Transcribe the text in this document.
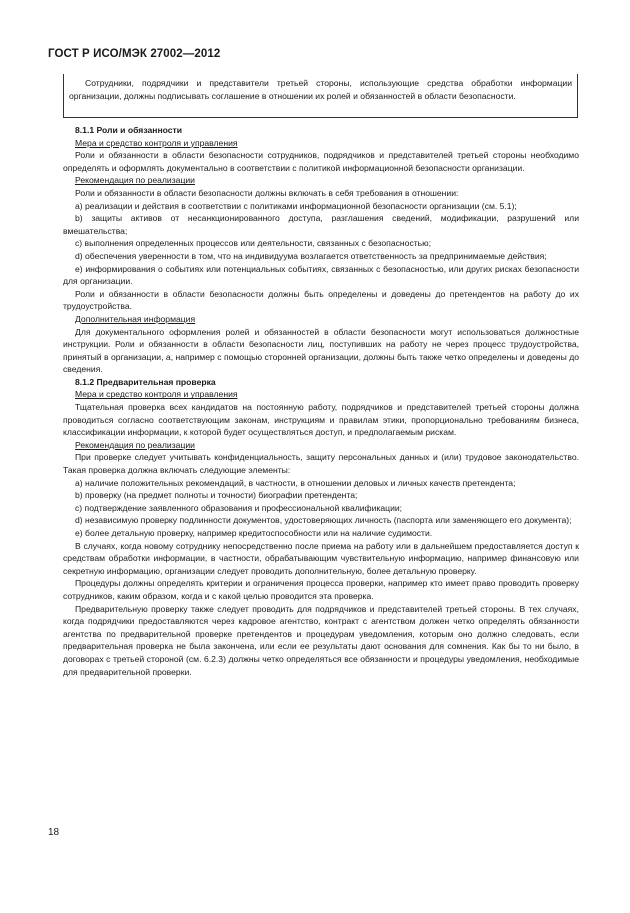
ГОСТ Р ИСО/МЭК 27002—2012

Сотрудники, подрядчики и представители третьей стороны, использующие средства обработки информации организации, должны подписывать соглашение в отношении их ролей и обязанностей в области безопасности.

8.1.1 Роли и обязанности

Мера и средство контроля и управления

Роли и обязанности в области безопасности сотрудников, подрядчиков и представителей третьей стороны необходимо определять и оформлять документально в соответствии с политикой информационной безопасности организации.

Рекомендация по реализации

Роли и обязанности в области безопасности должны включать в себя требования в отношении:

a) реализации и действия в соответствии с политиками информационной безопасности организации (см. 5.1);

b) защиты активов от несанкционированного доступа, разглашения сведений, модификации, разрушений или вмешательства;

c) выполнения определенных процессов или деятельности, связанных с безопасностью;

d) обеспечения уверенности в том, что на индивидуума возлагается ответственность за предпринимаемые действия;

e) информирования о событиях или потенциальных событиях, связанных с безопасностью, или других рисках безопасности для организации.

Роли и обязанности в области безопасности должны быть определены и доведены до претендентов на работу до их трудоустройства.

Дополнительная информация

Для документального оформления ролей и обязанностей в области безопасности могут использоваться должностные инструкции. Роли и обязанности в области безопасности лиц, поступивших на работу не через процесс трудоустройства, принятый в организации, а, например с помощью сторонней организации, должны быть также четко определены и доведены до сведения.

8.1.2 Предварительная проверка

Мера и средство контроля и управления

Тщательная проверка всех кандидатов на постоянную работу, подрядчиков и представителей третьей стороны должна проводиться согласно соответствующим законам, инструкциям и правилам этики, пропорционально требованиям бизнеса, классификации информации, к которой будет осуществляться доступ, и предполагаемым рискам.

Рекомендация по реализации

При проверке следует учитывать конфиденциальность, защиту персональных данных и (или) трудовое законодательство. Такая проверка должна включать следующие элементы:

a) наличие положительных рекомендаций, в частности, в отношении деловых и личных качеств претендента;

b) проверку (на предмет полноты и точности) биографии претендента;

c) подтверждение заявленного образования и профессиональной квалификации;

d) независимую проверку подлинности документов, удостоверяющих личность (паспорта или заменяющего его документа);

e) более детальную проверку, например кредитоспособности или на наличие судимости.

В случаях, когда новому сотруднику непосредственно после приема на работу или в дальнейшем предоставляется доступ к средствам обработки информации, в частности, обрабатывающим чувствительную информацию, например финансовую или секретную информацию, организации следует проводить дополнительную, более детальную проверку.

Процедуры должны определять критерии и ограничения процесса проверки, например кто имеет право проводить проверку сотрудников, каким образом, когда и с какой целью проводится эта проверка.

Предварительную проверку также следует проводить для подрядчиков и представителей третьей стороны. В тех случаях, когда подрядчики предоставляются через кадровое агентство, контракт с агентством должен четко определять обязанности агентства по предварительной проверке претендентов и процедурам уведомления, которым оно должно следовать, если предварительная проверка не была закончена, или если ее результаты дают основания для сомнения. Как бы то ни было, в договорах с третьей стороной (см. 6.2.3) должны четко определяться все обязанности и процедуры уведомления, необходимые для предварительной проверки.

18
